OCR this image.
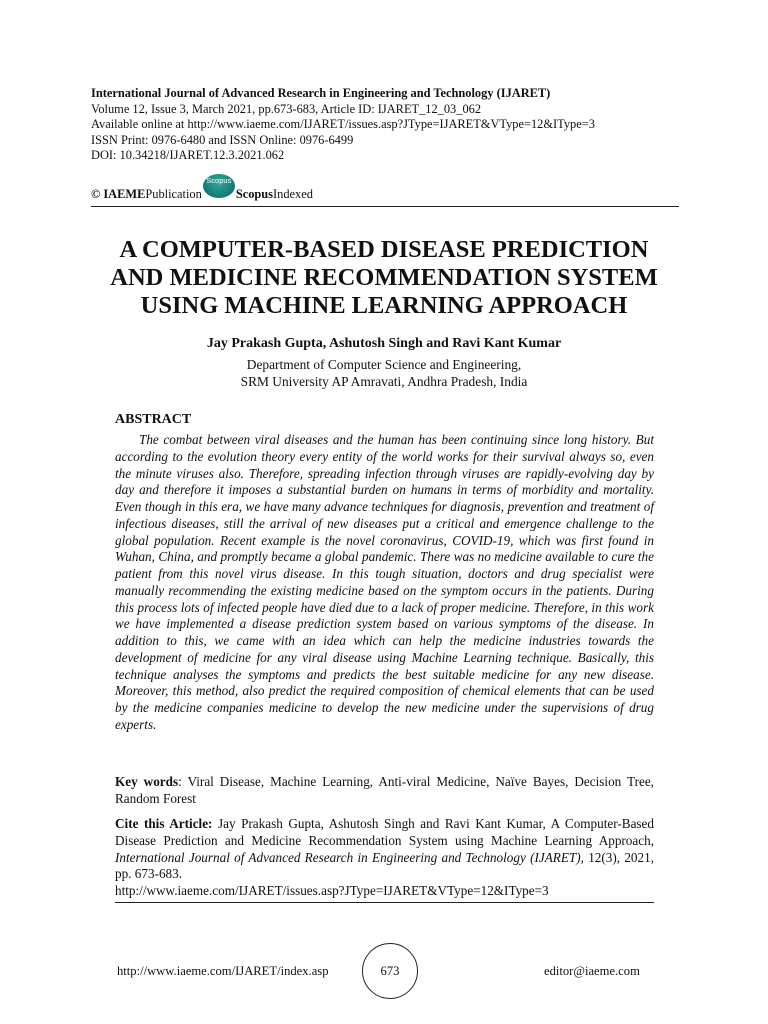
International Journal of Advanced Research in Engineering and Technology (IJARET)
Volume 12, Issue 3, March 2021, pp.673-683, Article ID: IJARET_12_03_062
Available online at http://www.iaeme.com/IJARET/issues.asp?JType=IJARET&VType=12&IType=3
ISSN Print: 0976-6480 and ISSN Online: 0976-6499
DOI: 10.34218/IJARET.12.3.2021.062
© IAEME Publication
Scopus
Scopus Indexed
A COMPUTER-BASED DISEASE PREDICTION
AND MEDICINE RECOMMENDATION SYSTEM
USING MACHINE LEARNING APPROACH
Jay Prakash Gupta, Ashutosh Singh and Ravi Kant Kumar
Department of Computer Science and Engineering,
SRM University AP Amravati, Andhra Pradesh, India
ABSTRACT

The combat between viral diseases and the human has been continuing since long history. But according to the evolution theory every entity of the world works for their survival always so, even the minute viruses also. Therefore, spreading infection through viruses are rapidly-evolving day by day and therefore it imposes a substantial burden on humans in terms of morbidity and mortality. Even though in this era, we have many advance techniques for diagnosis, prevention and treatment of infectious diseases, still the arrival of new diseases put a critical and emergence challenge to the global population. Recent example is the novel coronavirus, COVID-19, which was first found in Wuhan, China, and promptly became a global pandemic. There was no medicine available to cure the patient from this novel virus disease. In this tough situation, doctors and drug specialist were manually recommending the existing medicine based on the symptom occurs in the patients. During this process lots of infected people have died due to a lack of proper medicine. Therefore, in this work we have implemented a disease prediction system based on various symptoms of the disease. In addition to this, we came with an idea which can help the medicine industries towards the development of medicine for any viral disease using Machine Learning technique. Basically, this technique analyses the symptoms and predicts the best suitable medicine for any new disease. Moreover, this method, also predict the required composition of chemical elements that can be used by the medicine companies medicine to develop the new medicine under the supervisions of drug experts.

Key words: Viral Disease, Machine Learning, Anti-viral Medicine, Naïve Bayes, Decision Tree, Random Forest

Cite this Article: Jay Prakash Gupta, Ashutosh Singh and Ravi Kant Kumar, A Computer-Based Disease Prediction and Medicine Recommendation System using Machine Learning Approach, International Journal of Advanced Research in Engineering and Technology (IJARET), 12(3), 2021, pp. 673-683.

http://www.iaeme.com/IJARET/issues.asp?JType=IJARET&VType=12&IType=3
http://www.iaeme.com/IJARET/index.asp	673	editor@iaeme.com
